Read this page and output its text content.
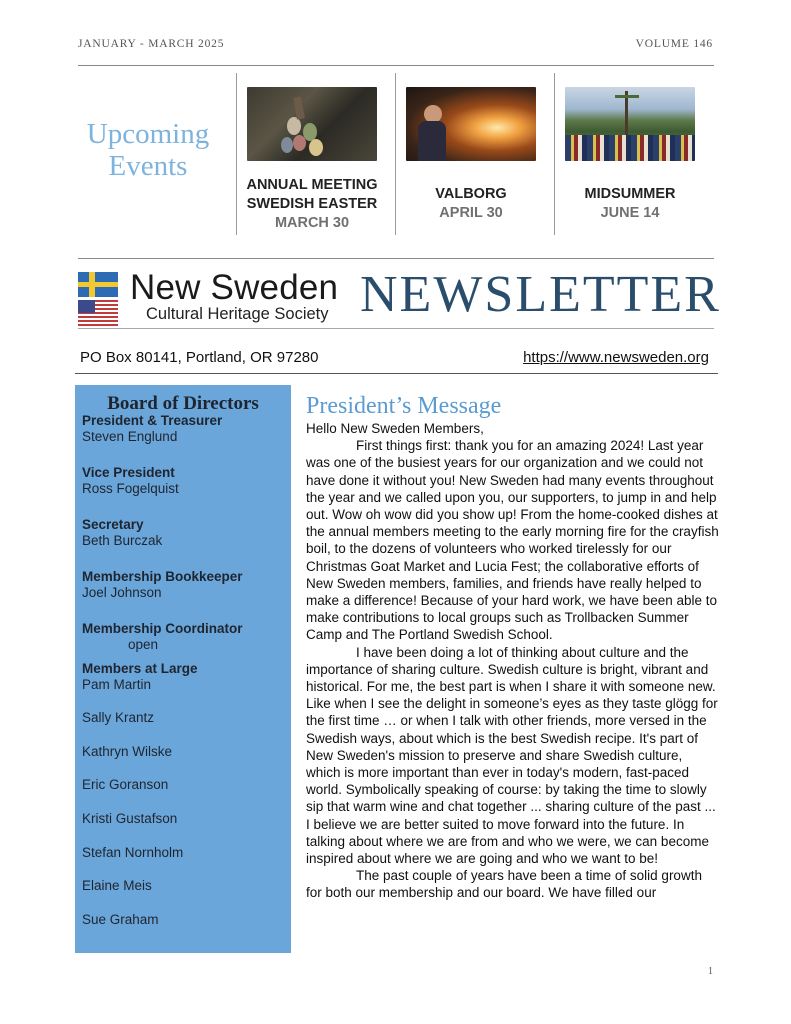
JANUARY - MARCH 2025	VOLUME 146
Upcoming
Events
ANNUAL MEETING
SWEDISH EASTER
MARCH 30
VALBORG
APRIL 30
MIDSUMMER
JUNE 14
New Sweden
Cultural Heritage Society NEWSLETTER
PO Box 80141, Portland, OR 97280	https://www.newsweden.org
Board of Directors
President & Treasurer
Steven Englund
Vice President
Ross Fogelquist
Secretary
Beth Burczak
Membership Bookkeeper
Joel Johnson
Membership Coordinator
open
Members at Large
Pam Martin
Sally Krantz
Kathryn Wilske
Eric Goranson
Kristi Gustafson
Stefan Nornholm
Elaine Meis
Sue Graham
President’s Message

Hello New Sweden Members,

First things first: thank you for an amazing 2024! Last year was one of the busiest years for our organization and we could not have done it without you! New Sweden had many events throughout the year and we called upon you, our supporters, to jump in and help out. Wow oh wow did you show up! From the home-cooked dishes at the annual members meeting to the early morning fire for the crayfish boil, to the dozens of volunteers who worked tirelessly for our Christmas Goat Market and Lucia Fest; the collaborative efforts of New Sweden members, families, and friends have really helped to make a difference! Because of your hard work, we have been able to make contributions to local groups such as Trollbacken Summer Camp and The Portland Swedish School.

I have been doing a lot of thinking about culture and the importance of sharing culture. Swedish culture is bright, vibrant and historical. For me, the best part is when I share it with someone new. Like when I see the delight in someone’s eyes as they taste glögg for the first time … or when I talk with other friends, more versed in the Swedish ways, about which is the best Swedish recipe. It's part of New Sweden's mission to preserve and share Swedish culture, which is more important than ever in today's modern, fast-paced world. Symbolically speaking of course: by taking the time to slowly sip that warm wine and chat together ... sharing culture of the past ... I believe we are better suited to move forward into the future. In talking about where we are from and who we were, we can become inspired about where we are going and who we want to be!

The past couple of years have been a time of solid growth for both our membership and our board. We have filled our

1
